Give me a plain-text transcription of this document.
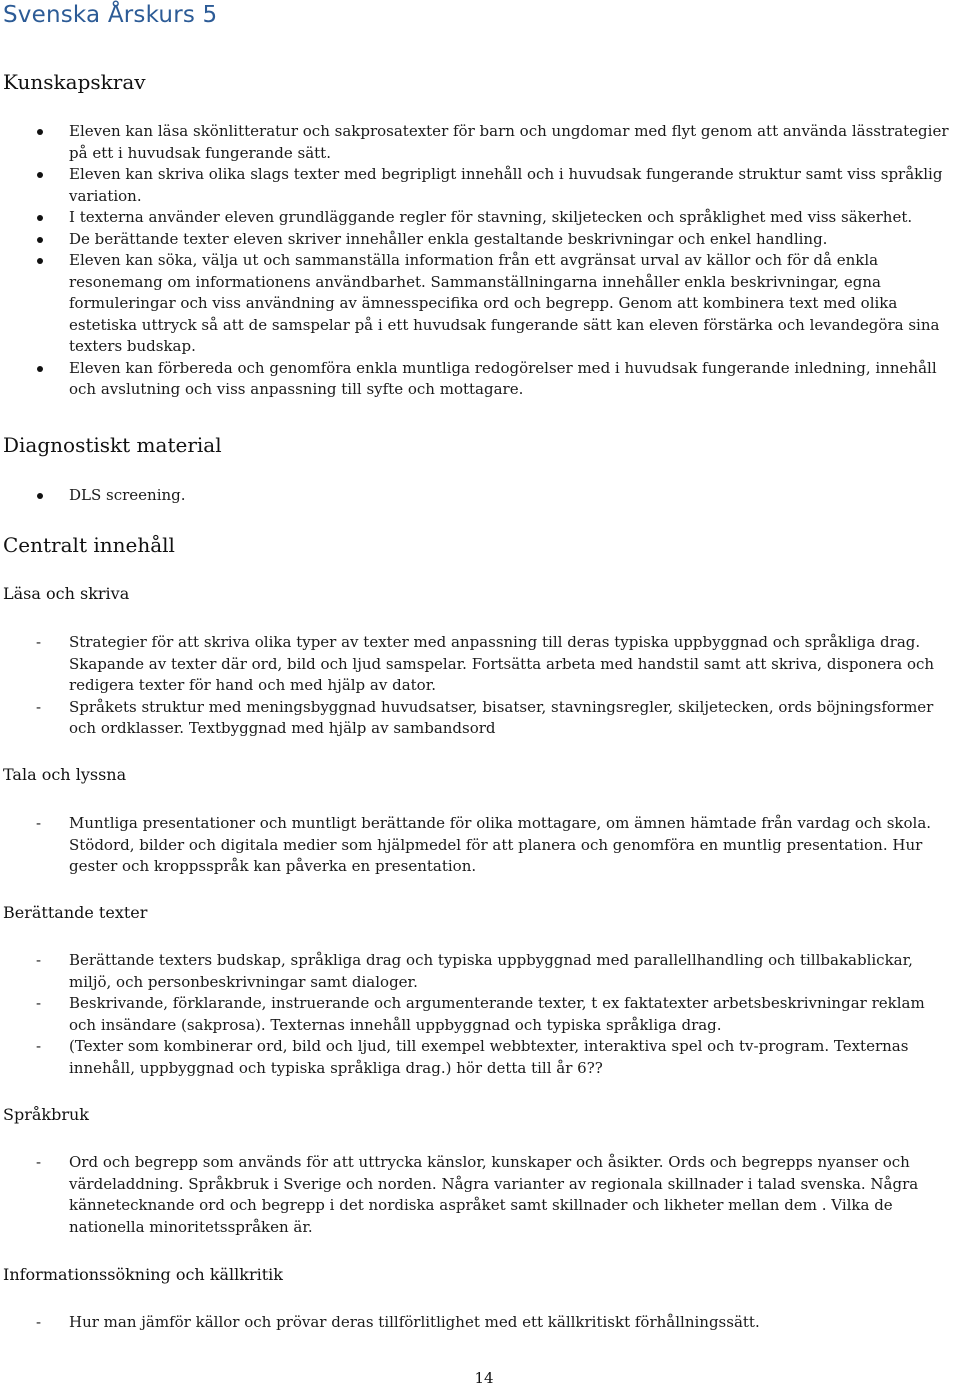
Svenska Årskurs 5
Kunskapskrav
Eleven kan läsa skönlitteratur och sakprosatexter för barn och ungdomar med flyt genom att använda lässtrategier på ett i huvudsak fungerande sätt.
Eleven kan skriva olika slags texter med begripligt innehåll och i huvudsak fungerande struktur samt viss språklig variation.
I texterna använder eleven grundläggande regler för stavning, skiljetecken och språklighet med viss säkerhet.
De berättande texter eleven skriver innehåller enkla gestaltande beskrivningar och enkel handling.
Eleven kan söka, välja ut och sammanställa information från ett avgränsat urval av källor och för då enkla resonemang om informationens användbarhet. Sammanställningarna innehåller enkla beskrivningar, egna formuleringar och viss användning av ämnesspecifika ord och begrepp. Genom att kombinera text med olika estetiska uttryck så att de samspelar på i ett huvudsak fungerande sätt kan eleven förstärka och levandegöra sina texters budskap.
Eleven kan förbereda och genomföra enkla muntliga redogörelser med i huvudsak fungerande inledning, innehåll och avslutning och viss anpassning till syfte och mottagare.
Diagnostiskt material
DLS screening.
Centralt innehåll
Läsa och skriva
- Strategier för att skriva olika typer av texter med anpassning till deras typiska uppbyggnad och språkliga drag. Skapande av texter där ord, bild och ljud samspelar. Fortsätta arbeta med handstil samt att skriva, disponera och redigera texter för hand och med hjälp av dator.
- Språkets struktur med meningsbyggnad huvudsatser, bisatser, stavningsregler, skiljetecken, ords böjningsformer och ordklasser. Textbyggnad med hjälp av sambandsord
Tala och lyssna
- Muntliga presentationer och muntligt berättande för olika mottagare, om ämnen hämtade från vardag och skola. Stödord, bilder och digitala medier som hjälpmedel för att planera och genomföra en muntlig presentation. Hur gester och kroppsspråk kan påverka en presentation.
Berättande texter
- Berättande texters budskap, språkliga drag och typiska uppbyggnad med parallellhandling och tillbakablickar, miljö, och personbeskrivningar samt dialoger.
- Beskrivande, förklarande, instruerande och argumenterande texter, t ex faktatexter arbetsbeskrivningar reklam och insändare (sakprosa). Texternas innehåll uppbyggnad och typiska språkliga drag.
- (Texter som kombinerar ord, bild och ljud, till exempel webbtexter, interaktiva spel och tv-program. Texternas innehåll, uppbyggnad och typiska språkliga drag.) hör detta till år 6??
Språkbruk
- Ord och begrepp som används för att uttrycka känslor, kunskaper och åsikter. Ords och begrepps nyanser och värdeladdning. Språkbruk i Sverige och norden. Några varianter av regionala skillnader i talad svenska. Några kännetecknande ord och begrepp i det nordiska aspråket samt skillnader och likheter mellan dem . Vilka de nationella minoritetsspråken är.
Informationssökning och källkritik
- Hur man jämför källor och prövar deras tillförlitlighet med ett källkritiskt förhållningssätt.
14
